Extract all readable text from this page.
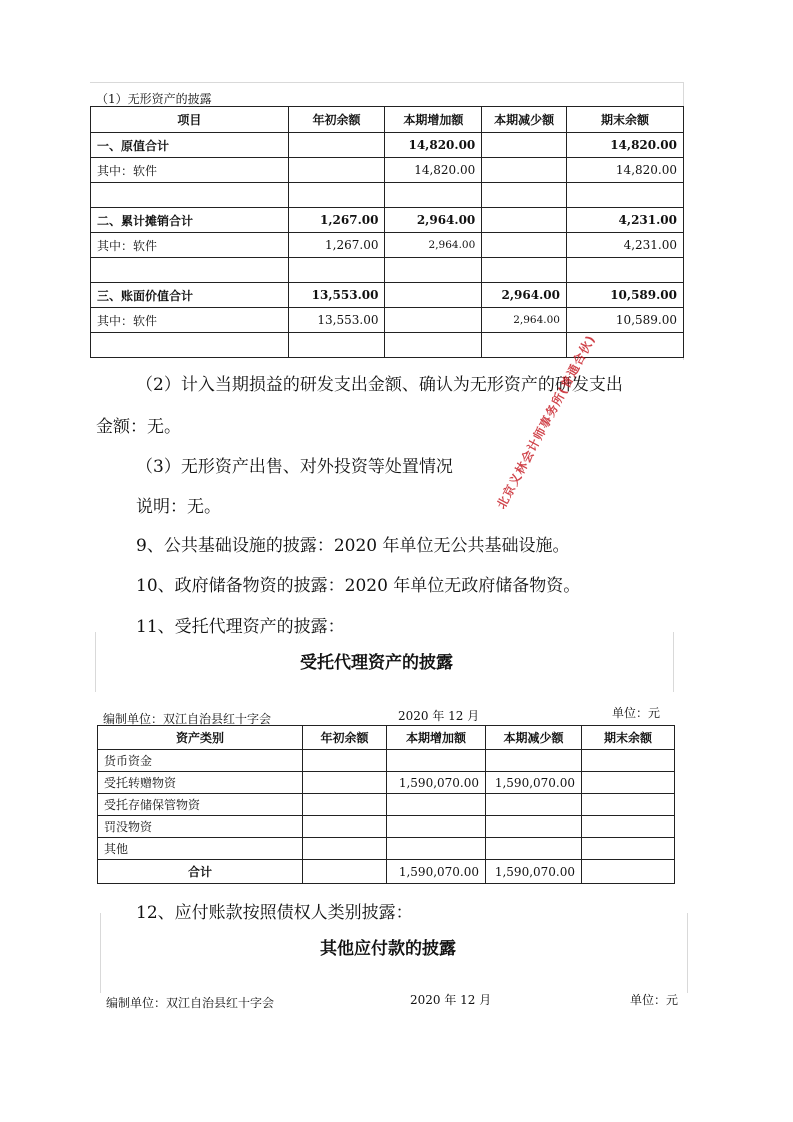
（1）无形资产的披露
项目	年初余额	本期增加额	本期减少额	期末余额
一、原值合计		14,820.00		14,820.00
其中：软件		14,820.00		14,820.00

二、累计摊销合计	1,267.00	2,964.00		4,231.00
其中：软件	1,267.00	2,964.00		4,231.00

三、账面价值合计	13,553.00		2,964.00	10,589.00
其中：软件	13,553.00		2,964.00	10,589.00

（2）计入当期损益的研发支出金额、确认为无形资产的研发支出
金额：无。
（3）无形资产出售、对外投资等处置情况
说明：无。
9、公共基础设施的披露：2020 年单位无公共基础设施。
10、政府储备物资的披露：2020 年单位无政府储备物资。
11、受托代理资产的披露：
北京义林会计师事务所(普通合伙)
受托代理资产的披露
编制单位：双江自治县红十字会	2020 年 12 月	单位：元
资产类别	年初余额	本期增加额	本期减少额	期末余额
货币资金				
受托转赠物资		1,590,070.00	1,590,070.00	
受托存储保管物资				
罚没物资				
其他				
合计		1,590,070.00	1,590,070.00	
12、应付账款按照债权人类别披露：
其他应付款的披露
编制单位：双江自治县红十字会	2020 年 12 月	单位：元
